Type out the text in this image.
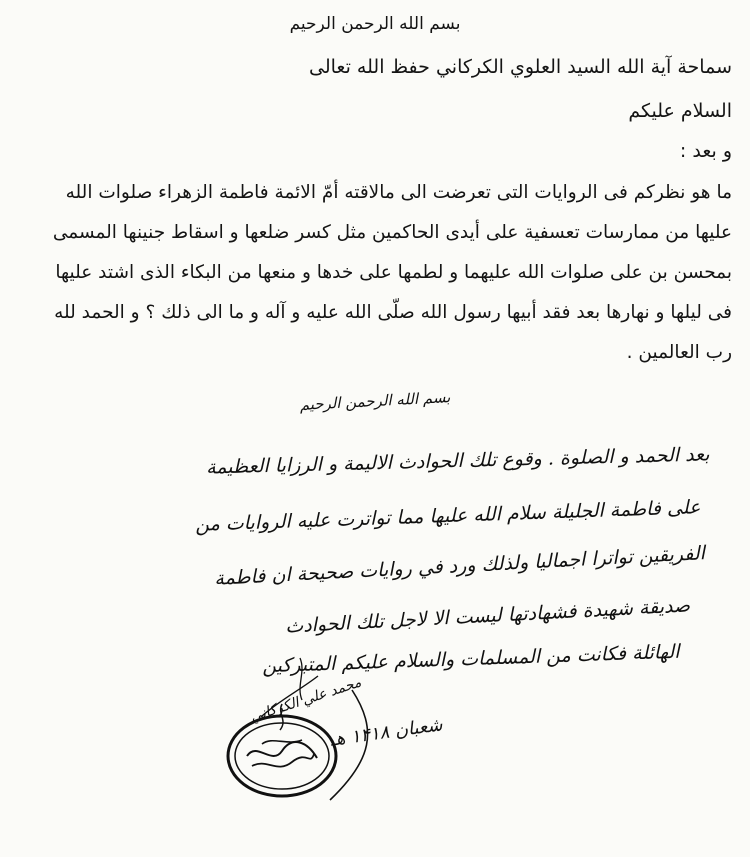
بسم الله الرحمن الرحيم
سماحة آية الله السيد العلوي الكركاني حفظ الله تعالى
السلام عليكم
و بعد :
ما هو نظركم فى الروايات التى تعرضت الى مالاقته أمّ الائمة فاطمة الزهراء صلوات الله
عليها من ممارسات تعسفية على أيدى الحاكمين مثل كسر ضلعها و اسقاط جنينها المسمى
بمحسن بن على صلوات الله عليهما و لطمها على خدها و منعها من البكاء الذى اشتد عليها
فى ليلها و نهارها بعد فقد أبيها رسول الله صلّى الله عليه و آله و ما الى ذلك ؟ و الحمد لله
رب العالمين .
بسم الله الرحمن الرحيم
بعد الحمد و الصلوة . وقوع تلك الحوادث الاليمة و الرزايا العظيمة
على فاطمة الجليلة سلام الله عليها مما تواترت عليه الروايات من
الفريقين تواترا اجماليا ولذلك ورد في روايات صحيحة ان فاطمة
صديقة شهيدة فشهادتها ليست الا لاجل تلك الحوادث
الهائلة فكانت من المسلمات والسلام عليكم المتبركين
محمد علي الكركاني
شعبان ۱۴۱۸ هـ
